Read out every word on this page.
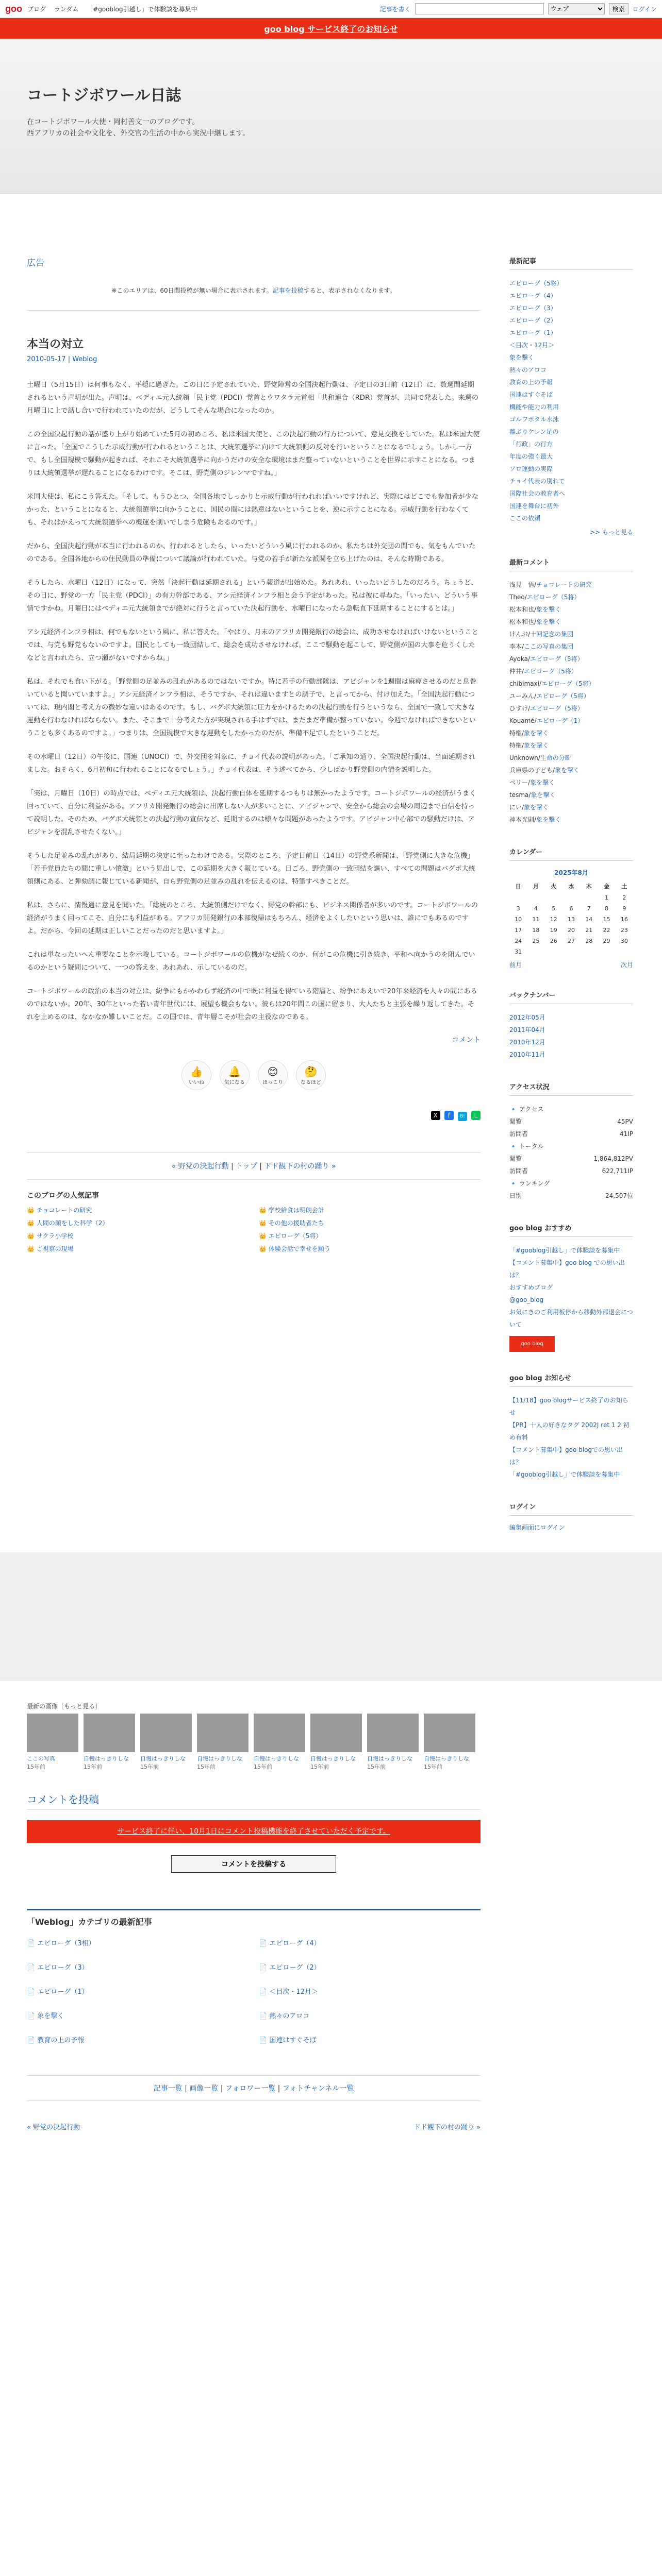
goo ブログ ランダム 「#gooblog引越し」で体験談を募集中	記事を書く
ウェブ	検索	ログイン
goo blog サービス終了のお知らせ
コートジボワール日誌
在コートジボワール大使・岡村善文一のブログです。
西アフリカの社会や文化を、外交官の生活の中から実況中継します。
広告
※このエリアは、60日間投稿が無い場合に表示されます。記事を投稿すると、表示されなくなります。
本当の対立
2010-05-17 | Weblog

土曜日（5月15日）は何事もなく、平穏に過ぎた。この日に予定されていた、野党陣営の全国決起行動は、予定日の3日前（12日）に、数週間延期されるという声明が出た。声明は、ベディエ元大統領「民主党（PDCI）党首とウワタラ元首相「共和連合（RDR）党首が、共同で発表した。来週の月曜日に上で話し合いで行われていたのだが、どうしてそんな場合になったのか。

この全国決起行動の話が盛り上がり始めていた5月の初めころ、私は米国大使と、この決起行動の行方について、意見交換をしていた。私は米国大使に言った。「全国でこうした示威行動が行われるということは、大統領選挙に向けて大統領側の反対を行いということになるでしょう。しかし一方で、もし全国規模で騒動が起きれば、それこそ大統領選挙に向かうだけの安全な環境はまだ整っていないということを世界に示すことになる。つまりは大統領選挙が遅れることになるわけです。そこは、野党側のジレンマですね。」

米国大使は、私にこう答えた。「そして、もうひとつ、全国各地でしっかりと示威行動が行われればいいですけれど、実際にはどこでも参加者が少なかった、ということになると、大統領選挙に向かうことに、国民の間には熱意はないということを、逆に示すことになる。示威行動を行わなくても、それはかえって大統領選挙への機運を削いでしまう危険もあるのです。」

だから、全国決起行動が本当に行われるのか、行われるとしたら、いったいどういう風に行われるのか、私たちは外交団の間でも、気をもんでいたのである。全国各地からの住民動員の準備について議論が行われていた。与党の若手が新たな派閥を立ち上げたのは、そんな時期である。

そうしたら、水曜日（12日）になって、突然「決起行動は延期される」という報道が出始めた。あれあれ、いったいどうしたのだろう。ちょうど、その日に、野党の一方「民主党（PDCI）」の有力幹部である、アシ元経済インフラ相と会う予定があった。私は彼に尋ねた。「いったい、どういう事情ですかね。月曜日にはベディエ元大統領までが絶対に行うと言っていた決起行動を、水曜日になったら急転直下延期することにするとは。」

アシ元経済インフラ相は、何でもないという風に、私に答えた。「やはり、月末のアフリカ開発銀行の総会は、成功させなければいけないということでは、与党も野党もないのですよ。国民としても一致団結して、総会を成功させなければ。ここで騒動を起こして、野党側が国の大事を危うくしたなどと言われたら、立つ瀬がないですからね。」

私は、それでも食い下がる。「野党側の足並みの乱れがあるのではないですか。特に若手の行動部隊は、アビジャンを1週間は麻痺させるのだと息巻いていると聞いていますよ。」アシ元経済インフラ相は、そうですか、それは違いますとの調子で、と言ってから、付け加えた。「全国決起行動については、現内閣と考え方の微妙な違いはあるのです。もし、バグボ大統領に圧力をかけるための決起行動を行うというなら、全国で一致して大きな運動を行わなければならない。また、そこまで十分考えた方が実現される手はずでは、まだまだ準備が整っていない。今週でなければできないということも多くあるのですよ。」つまりは、全国規模で大きな運動をしたかったのだが、準備不足でしたということだ。

その水曜日（12日）の午後に、国連（UNOCI）で、外交団を対象に、チョイ代表の説明があった。「ご承知の通り、全国決起行動は、当面延期されました。おそらく、6月初旬に行われることになるでしょう。」チョイ代表は、そう述べてから、少しばかり野党側の内情を説明した。

「実は、月曜日（10日）の時点では、ベディエ元大統領は、決起行動自体を延期するつもりは無かったようです。コートジボワールの経済がうまく回っていて、自分に利益がある。アフリカ開発銀行の総会に出席しない人が多いことに、アビジャンで、安全から総会の会場の周辺まで自信を持って説明した。そのため、バグボ大統領との決起行動の宣伝など、延期するのは様々な問題があったようです。アビジャン中心部での騒動だけは、アビジャンを混乱させたくない。」

そうした足並みの乱れがあり、結局延期の決定に至ったわけである。実際のところ、予定日前日（14日）の野党系新聞は、「野党側に大きな危機」「若手党員たちの間に重しい憤激」という見出しで、この延期を大きく報じている。日ごろ、野党側の一致団結を謳い、すべての問題はバグボ大統領側にある、と弾劾調に報じている新聞が、自ら野党側の足並みの乱れを伝えるのは、特筆すべきことだ。

私は、さらに、情報通に意見を聞いた。「総統のところ、大統領側だけでなく、野党の幹部にも、ビジネス関係者が多いのです。コートジボワールの経済がうまく回ってこそ、自分にも利益がある。アフリカ開発銀行の本部復帰はもちろん、経済をよくしたいという思いは、誰にでもあるのですよ。だから、今回の延期は正しいことだったのだと思いますよ。」

これは単なったいへん重要なことを示唆している。コートジボワールの危機がなぜ続くのか、何がこの危機に引き続き、平和へ向かうのを阻んでいるのかという疑問について、一つの答えを、あれあれ、示しているのだ。

コートジボワールの政治の本当の対立は、紛争にもかかわらず経済の中で既に利益を得ている階層と、紛争にあえいで20年来経済を人々の間にあるのではないか。20年、30年といった若い青年世代には、展望も機会もない。彼らは20年間この国に留まり、大人たちと主張を繰り返してきた。それを止めるのは、なかなか難しいことだ。この国では、青年層こそが社会の主役なのである。

コメント
👍
いいね
🔔
気になる
😊
ほっこり
🤔
なるほど
X f B! L
« 野党の決起行動 | トップ | ドド観下の村の踊り »
このブログの人気記事
👑 チョコレートの研究	👑 学校給食は明朗会計
👑 人間の顔をした科学（2）	👑 その他の援助者たち
👑 サクラ小学校	👑 エピローグ（5将）
👑 ご視察の現場	👑 体験会話で幸せを願う
最新記事
エピローグ（5将）
エピローグ（4）
エピローグ（3）
エピローグ（2）
エピローグ（1）
＜目次・12月＞
象を撃く
熱々のアロコ
教育の上の予報
国連はすぐそば
機能や能力の利用
ゴルフボタル水泳
離ぶりケレン足の
「行政」の行方
年度の強く最大
ソロ運動の実際
チョイ代表の別れて
国際社会の教育者へ
国連を舞台に初外
ここの依頼
>> もっと見る
最新コメント
浅見　悟/チョコレートの研究
Theo/エピローグ（5将）
松本和也/象を撃く
松本和也/象を撃く
けんお/十回記念の集団
李本/ここの写真の集団
Ayoka/エピローグ（5将）
仲井/エピローグ（5将）
chibimaxi/エピローグ（5将）
ユーみん/エピローグ（5将）
ひすけ/エピローグ（5将）
Kouamé/エピローグ（1）
特権/象を撃く
特権/象を撃く
Unknown/生命の分断
兵庫県の子ども/象を撃く
ベリー/象を撃く
tesma/象を撃く
にい/象を撃く
神本光則/象を撃く
カレンダー
2025年8月
日	月	火	水	木	金	土
					1	2
3	4	5	6	7	8	9
10	11	12	13	14	15	16
17	18	19	20	21	22	23
24	25	26	27	28	29	30
31						
前月	次月
バックナンバー
2012年05月
2011年04月
2010年12月
2010年11月
アクセス状況
🔹 アクセス
閲覧	45PV
訪問者	41IP
🔹 トータル
閲覧	1,864,812PV
訪問者	622,711IP
🔹 ランキング
日別	24,507位
goo blog おすすめ
「#gooblog引越し」で体験談を募集中
【コメント募集中】goo blog での思い出は？
おすすめブログ
@goo_blog
お気にきのご利用板停から移動外部退会について
goo blog
goo blog お知らせ
【11/18】goo blogサービス終了のお知らせ
【PR】十人の好きなタグ 2002J ret 1 2 初め有料
【コメント募集中】goo blogでの思い出は？
「#gooblog引越し」で体験談を募集中
ログイン
編集画面にログイン
最新の画像［もっと見る］
ここの写真
15年前
自慢はっきりしな
15年前
自慢はっきりしな
15年前
自慢はっきりしな
15年前
自慢はっきりしな
15年前
自慢はっきりしな
15年前
自慢はっきりしな
15年前
自慢はっきりしな
15年前
コメントを投稿
サービス終了に伴い、10月1日にコメント投稿機能を終了させていただく予定です。
コメントを投稿する
「Weblog」カテゴリの最新記事
📄 エピローグ（3相）	📄 エピローグ（4）
📄 エピローグ（3）	📄 エピローグ（2）
📄 エピローグ（1）	📄 ＜目次・12月＞
📄 象を撃く	📄 熱々のアロコ
📄 教育の上の予報	📄 国連はすぐそば
記事一覧 | 画像一覧 | フォロワー一覧 | フォトチャンネル一覧
« 野党の決起行動	ドド観下の村の踊り »
